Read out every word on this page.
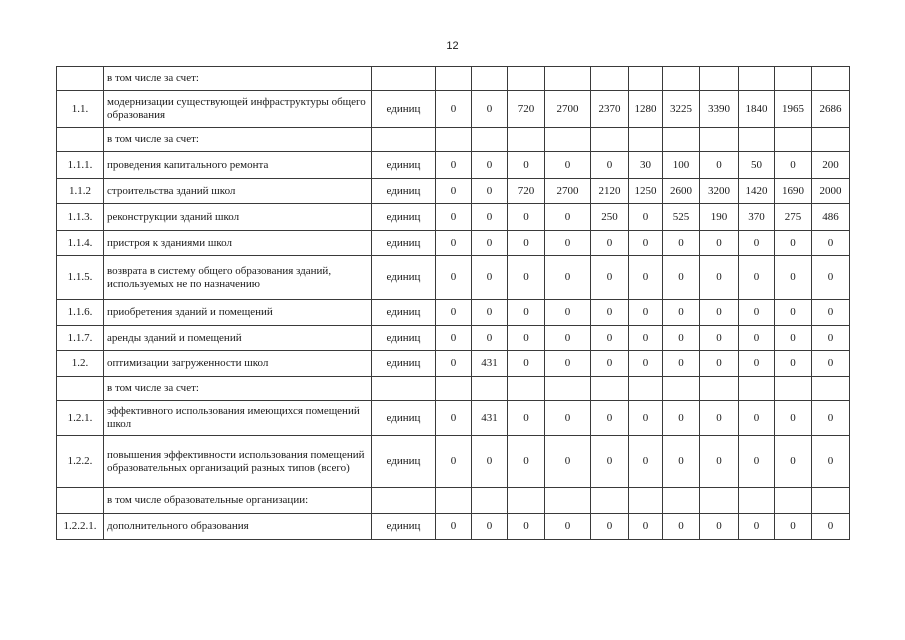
12
	в том числе за счет:												
1.1.	модернизации существующей инфраструктуры общего образования	единиц	0	0	720	2700	2370	1280	3225	3390	1840	1965	2686
	в том числе за счет:												
1.1.1.	проведения капитального ремонта	единиц	0	0	0	0	0	30	100	0	50	0	200
1.1.2	строительства зданий школ	единиц	0	0	720	2700	2120	1250	2600	3200	1420	1690	2000
1.1.3.	реконструкции зданий школ	единиц	0	0	0	0	250	0	525	190	370	275	486
1.1.4.	пристроя к зданиями школ	единиц	0	0	0	0	0	0	0	0	0	0	0
1.1.5.	возврата в систему общего образования зданий, используемых не по назначению	единиц	0	0	0	0	0	0	0	0	0	0	0
1.1.6.	приобретения зданий и помещений	единиц	0	0	0	0	0	0	0	0	0	0	0
1.1.7.	аренды зданий и помещений	единиц	0	0	0	0	0	0	0	0	0	0	0
1.2.	оптимизации загруженности школ	единиц	0	431	0	0	0	0	0	0	0	0	0
	в том числе за счет:												
1.2.1.	эффективного использования имеющихся помещений школ	единиц	0	431	0	0	0	0	0	0	0	0	0
1.2.2.	повышения эффективности использования помещений образовательных организаций разных типов (всего)	единиц	0	0	0	0	0	0	0	0	0	0	0
	в том числе образовательные организации:												
1.2.2.1.	дополнительного образования	единиц	0	0	0	0	0	0	0	0	0	0	0
